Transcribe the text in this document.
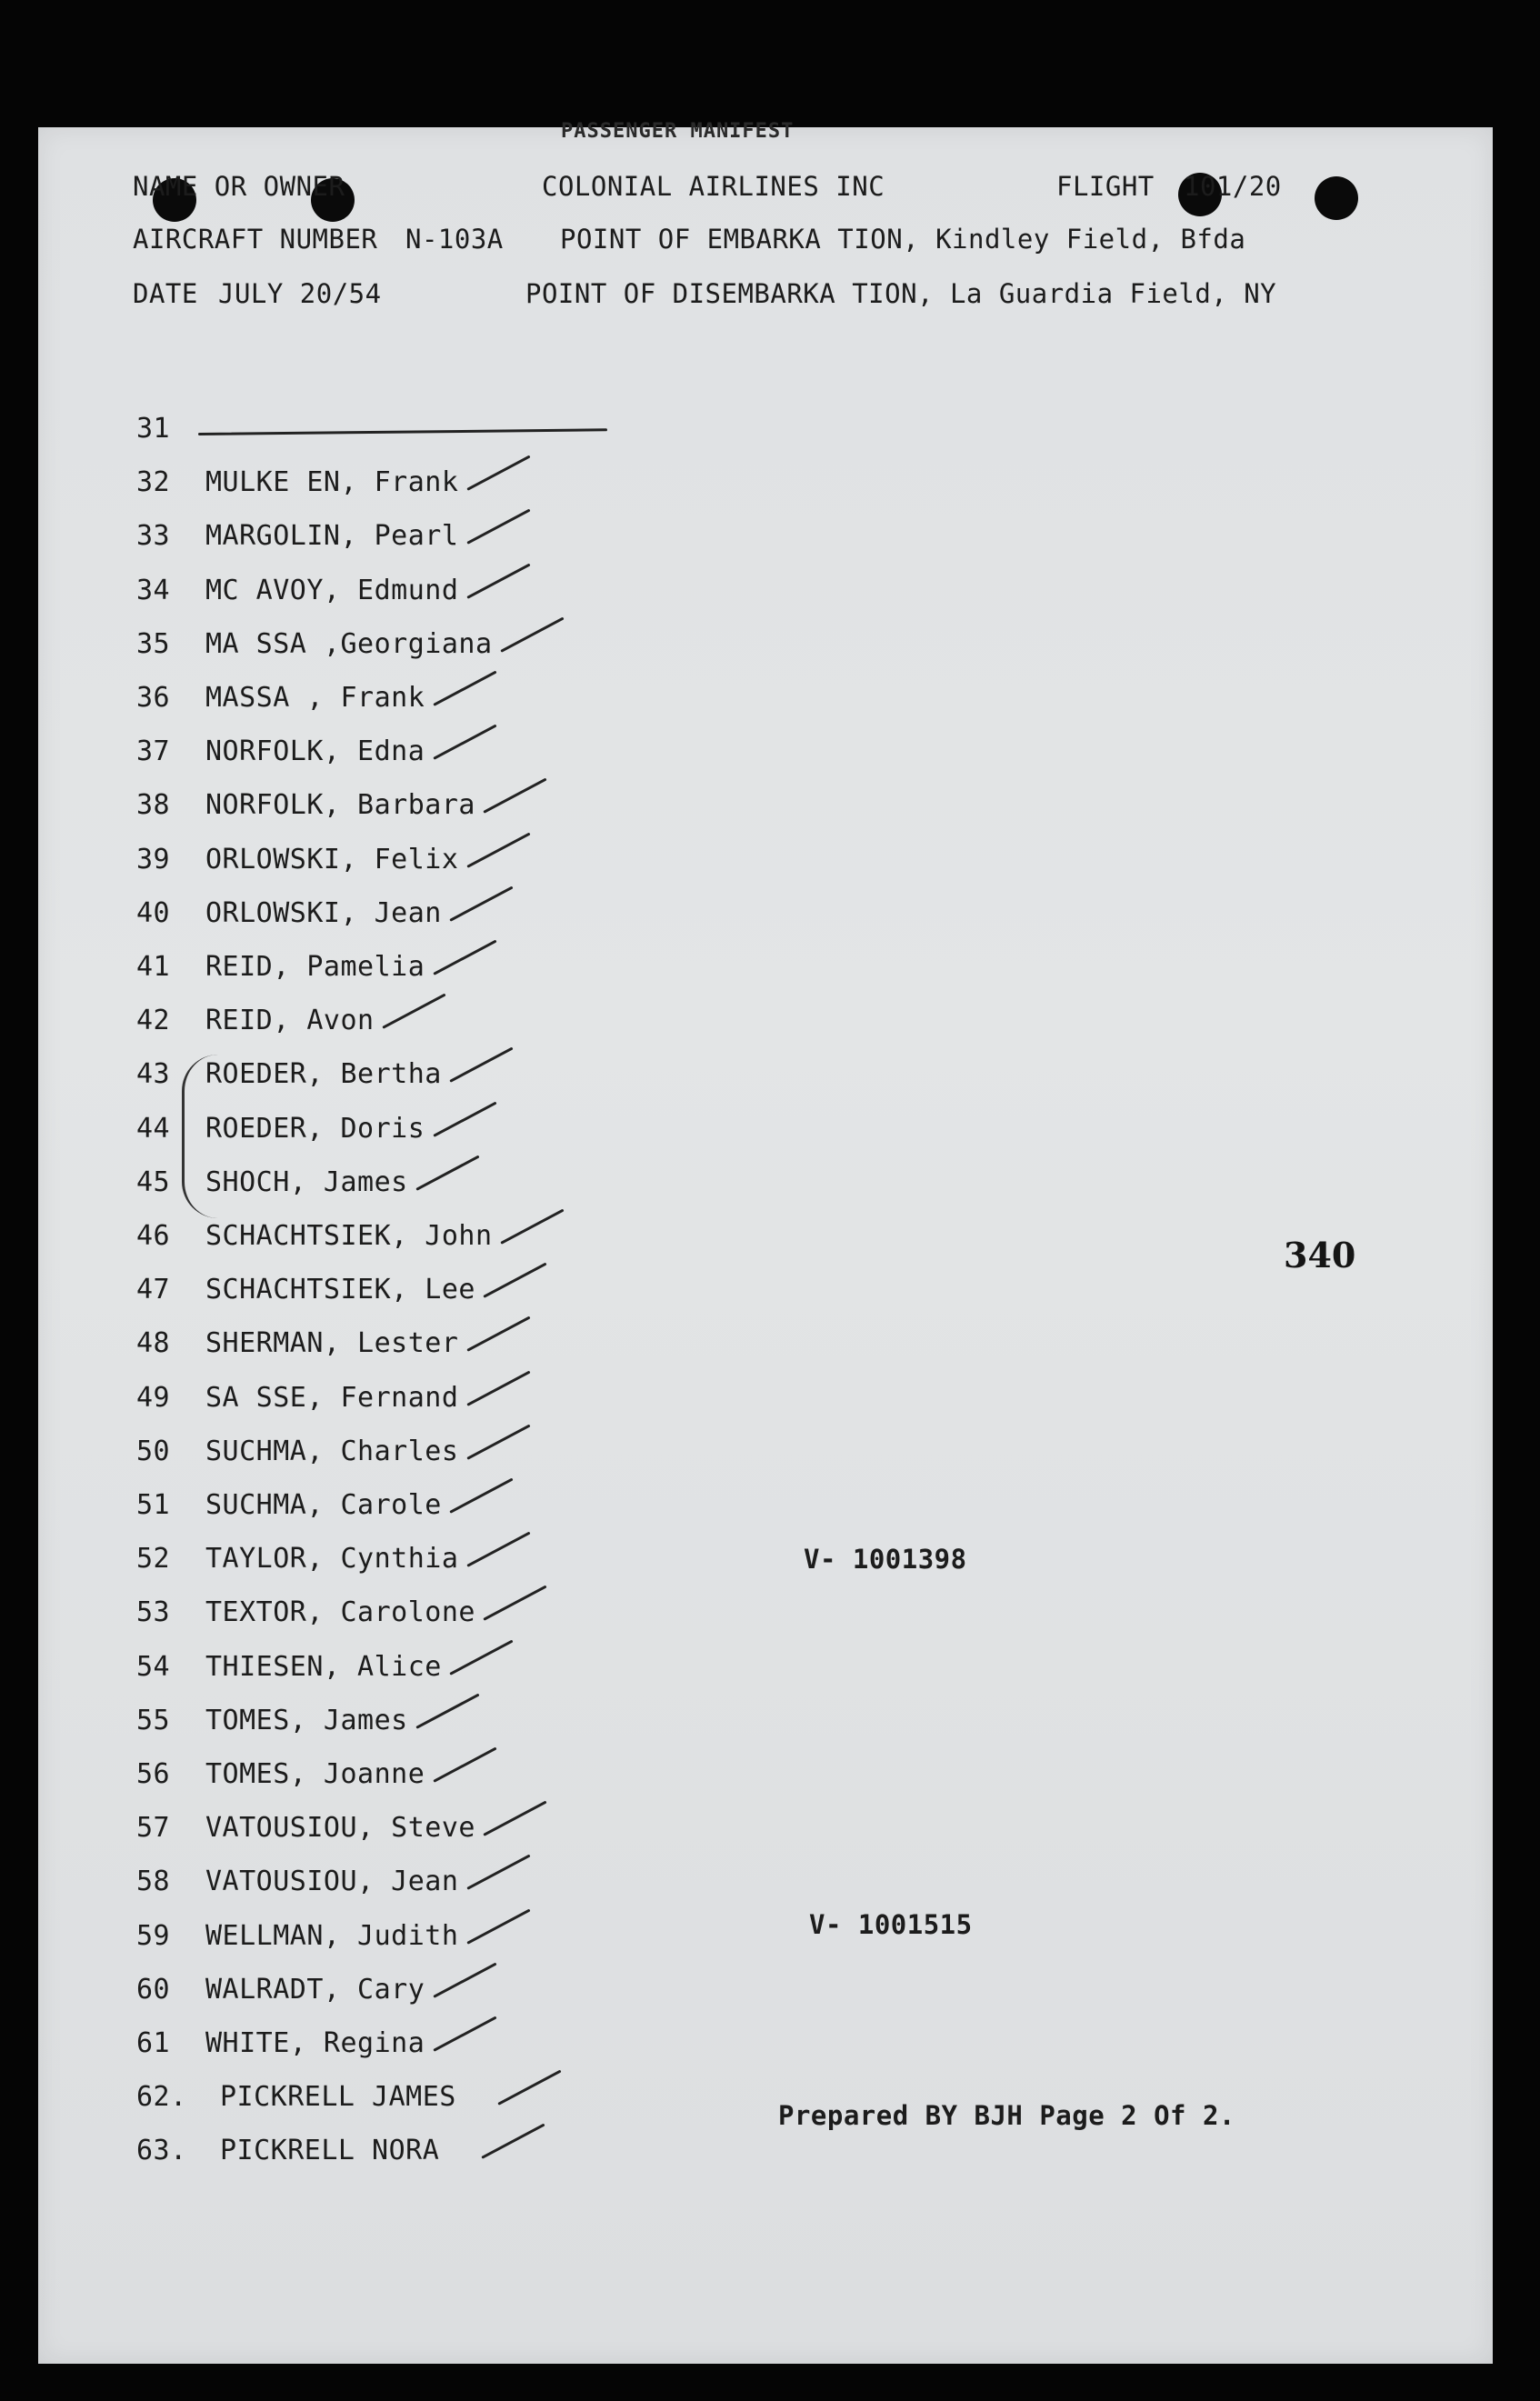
PASSENGER MANIFEST
NAME OR OWNER	COLONIAL AIRLINES INC	FLIGHT 101/20
AIRCRAFT NUMBER N-103A POINT OF EMBARKA TION, Kindley Field, Bfda
DATE JULY 20/54	POINT OF DISEMBARKA TION, La Guardia Field, NY
31
32 MULKE EN, Frank
33 MARGOLIN, Pearl
34 MC AVOY, Edmund
35 MA SSA ,Georgiana
36 MASSA , Frank
37 NORFOLK, Edna
38 NORFOLK, Barbara
39 ORLOWSKI, Felix
40 ORLOWSKI, Jean
41 REID, Pamelia
42 REID, Avon
43 ROEDER, Bertha
44 ROEDER, Doris
45 SHOCH, James
46 SCHACHTSIEK, John
47 SCHACHTSIEK, Lee
48 SHERMAN, Lester
49 SA SSE, Fernand
50 SUCHMA, Charles
51 SUCHMA, Carole
52 TAYLOR, Cynthia
53 TEXTOR, Carolone
54 THIESEN, Alice
55 TOMES, James
56 TOMES, Joanne
57 VATOUSIOU, Steve
58 VATOUSIOU, Jean
59 WELLMAN, Judith
60 WALRADT, Cary
61 WHITE, Regina
62. PICKRELL JAMES
63. PICKRELL NORA
340
V- 1001398
V- 1001515
Prepared BY BJH Page 2 Of 2.
